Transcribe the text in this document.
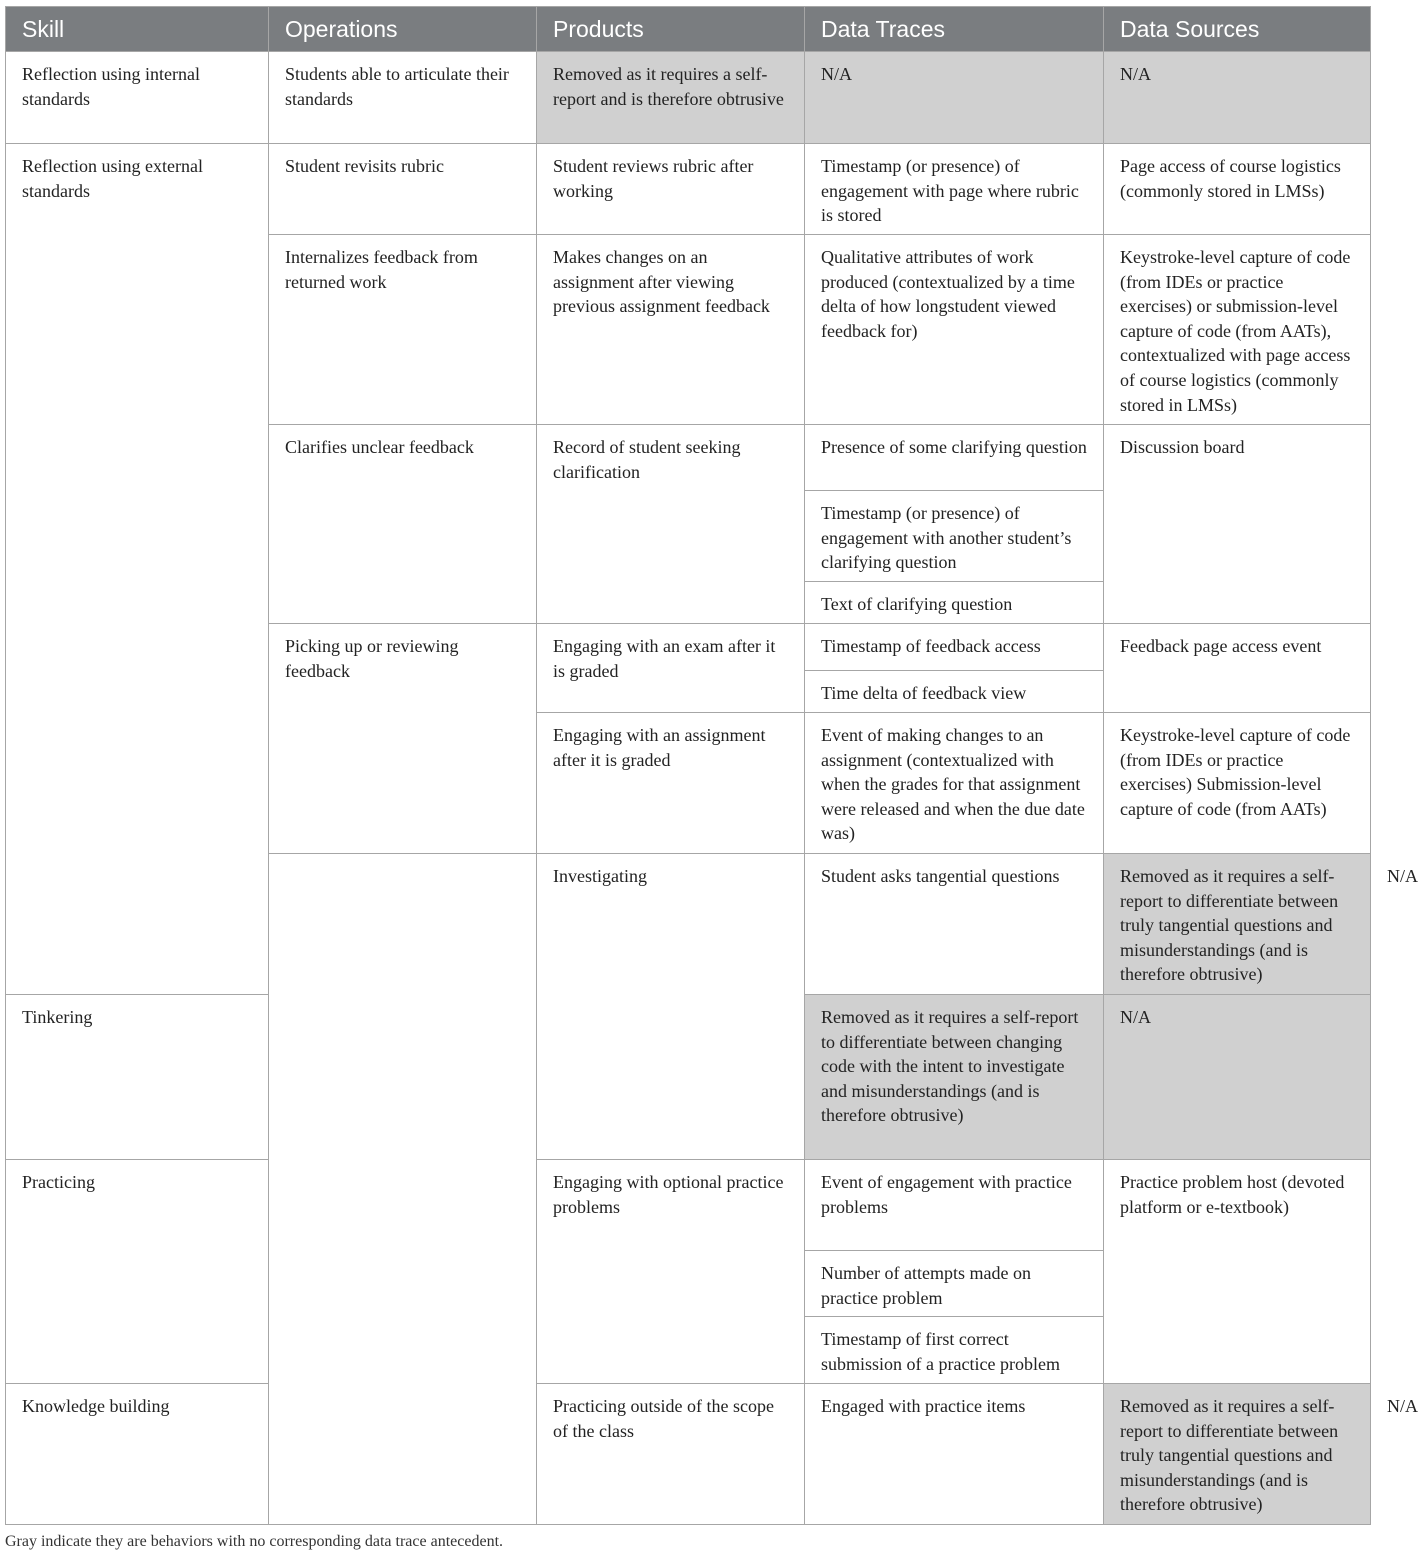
Skill	Operations	Products	Data Traces	Data Sources	
Reflection using internal standards	Students able to articulate their standards	Removed as it requires a self-report and is therefore obtrusive	N/A	N/A	
Reflection using external standards	Student revisits rubric	Student reviews rubric after working	Timestamp (or presence) of engagement with page where rubric is stored	Page access of course logistics (commonly stored in LMSs)	
	Internalizes feedback from returned work	Makes changes on an assignment after viewing previous assignment feedback	Qualitative attributes of work produced (contextualized by a time delta of how longstudent viewed feedback for)	Keystroke-level capture of code (from IDEs or practice exercises) or submission-level capture of code (from AATs), contextualized with page access of course logistics (commonly stored in LMSs)	
	Clarifies unclear feedback	Record of student seeking clarification	Presence of some clarifying question	Discussion board	
			Timestamp (or presence) of engagement with another student’s clarifying question		
			Text of clarifying question		
	Picking up or reviewing feedback	Engaging with an exam after it is graded	Timestamp of feedback access	Feedback page access event	
			Time delta of feedback view		
		Engaging with an assignment after it is graded	Event of making changes to an assignment (contextualized with when the grades for that assignment were released and when the due date was)	Keystroke-level capture of code (from IDEs or practice exercises) Submission-level capture of code (from AATs)	
		Investigating	Student asks tangential questions	Removed as it requires a self-report to differentiate between truly tangential questions and misunderstandings (and is therefore obtrusive)	N/A
Tinkering			Removed as it requires a self-report to differentiate between changing code with the intent to investigate and misunderstandings (and is therefore obtrusive)	N/A	
Practicing		Engaging with optional practice problems	Event of engagement with practice problems	Practice problem host (devoted platform or e-textbook)	
			Number of attempts made on practice problem		
			Timestamp of first correct submission of a practice problem		
Knowledge building		Practicing outside of the scope of the class	Engaged with practice items	Removed as it requires a self-report to differentiate between truly tangential questions and misunderstandings (and is therefore obtrusive)	N/A
Gray indicate they are behaviors with no corresponding data trace antecedent.
